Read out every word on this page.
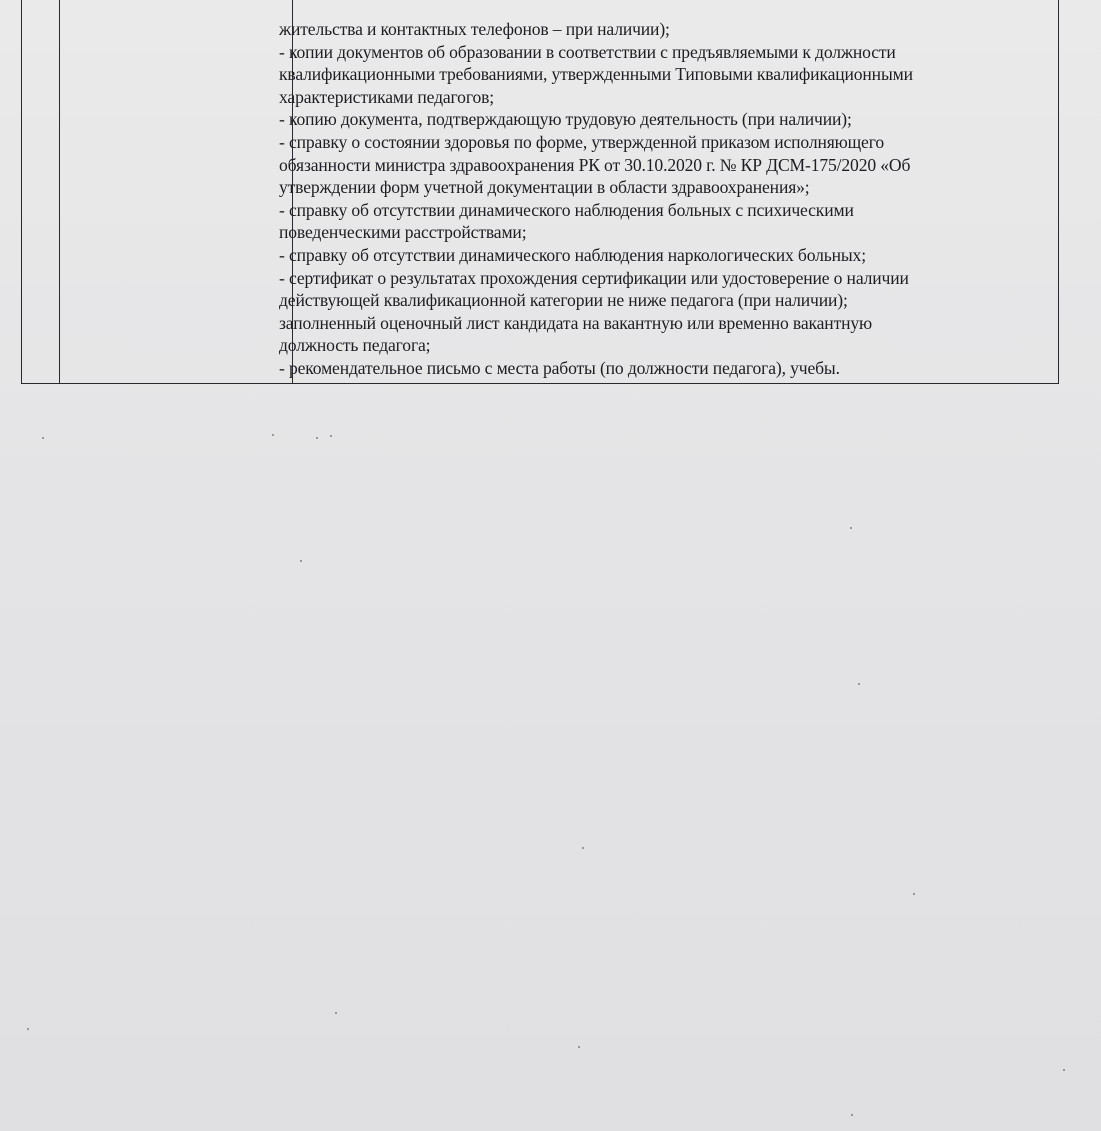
жительства и контактных телефонов – при наличии);
- копии документов об образовании в соответствии с предъявляемыми к должности
квалификационными требованиями, утвержденными Типовыми квалификационными
характеристиками педагогов;
- копию документа, подтверждающую трудовую деятельность (при наличии);
- справку о состоянии здоровья по форме, утвержденной приказом исполняющего
обязанности министра здравоохранения РК от 30.10.2020 г. № КР ДСМ-175/2020 «Об
утверждении форм учетной документации в области здравоохранения»;
- справку об отсутствии динамического наблюдения больных с психическими
поведенческими расстройствами;
- справку об отсутствии динамического наблюдения наркологических больных;
- сертификат о результатах прохождения сертификации или удостоверение о наличии
действующей квалификационной категории не ниже педагога (при наличии);
заполненный оценочный лист кандидата на вакантную или временно вакантную
должность педагога;
- рекомендательное письмо с места работы (по должности педагога), учебы.
